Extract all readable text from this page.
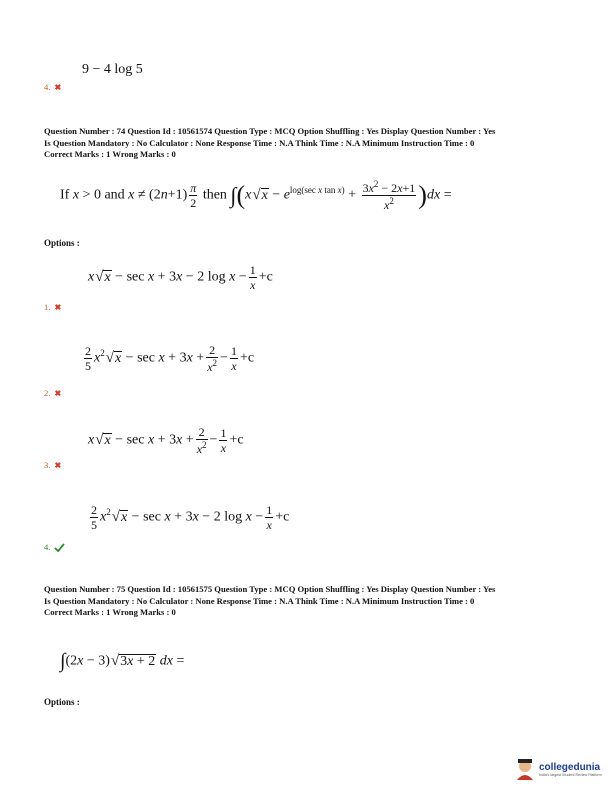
9 − 4 log 5
4. ✖
Question Number : 74 Question Id : 10561574 Question Type : MCQ Option Shuffling : Yes Display Question Number : Yes
Is Question Mandatory : No Calculator : None Response Time : N.A Think Time : N.A Minimum Instruction Time : 0
Correct Marks : 1 Wrong Marks : 0
If x > 0 and $x \ne (2n+1) \frac{\pi}{2}$ then $\int(x√x - e^{log(sec x tan x)} + \frac{3x^2 - 2x+1}{x^2} )dx$ =
Options :
x√x − sec x + 3x − 2 $\log x - \frac{1}{x} +c$
1. ✖
$\frac{2}{5} x^2√x - \sec x + 3x + \frac{2}{x^2} - \frac{1}{x} +c$
2. ✖
$x√x - \sec x + 3x + \frac{2}{x^2} - \frac{1}{x} +c$
3. ✖
$\frac{2}{5} x^2√x - \sec x + 3x - 2$ $\log x - \frac{1}{x} +c$
4.
Question Number : 75 Question Id : 10561575 Question Type : MCQ Option Shuffling : Yes Display Question Number : Yes
Is Question Mandatory : No Calculator : None Response Time : N.A Think Time : N.A Minimum Instruction Time : 0
Correct Marks : 1 Wrong Marks : 0
∫(2x − 3)√3x + 2 dx =
Options :
collegedunia
India's largest Student Review Platform
